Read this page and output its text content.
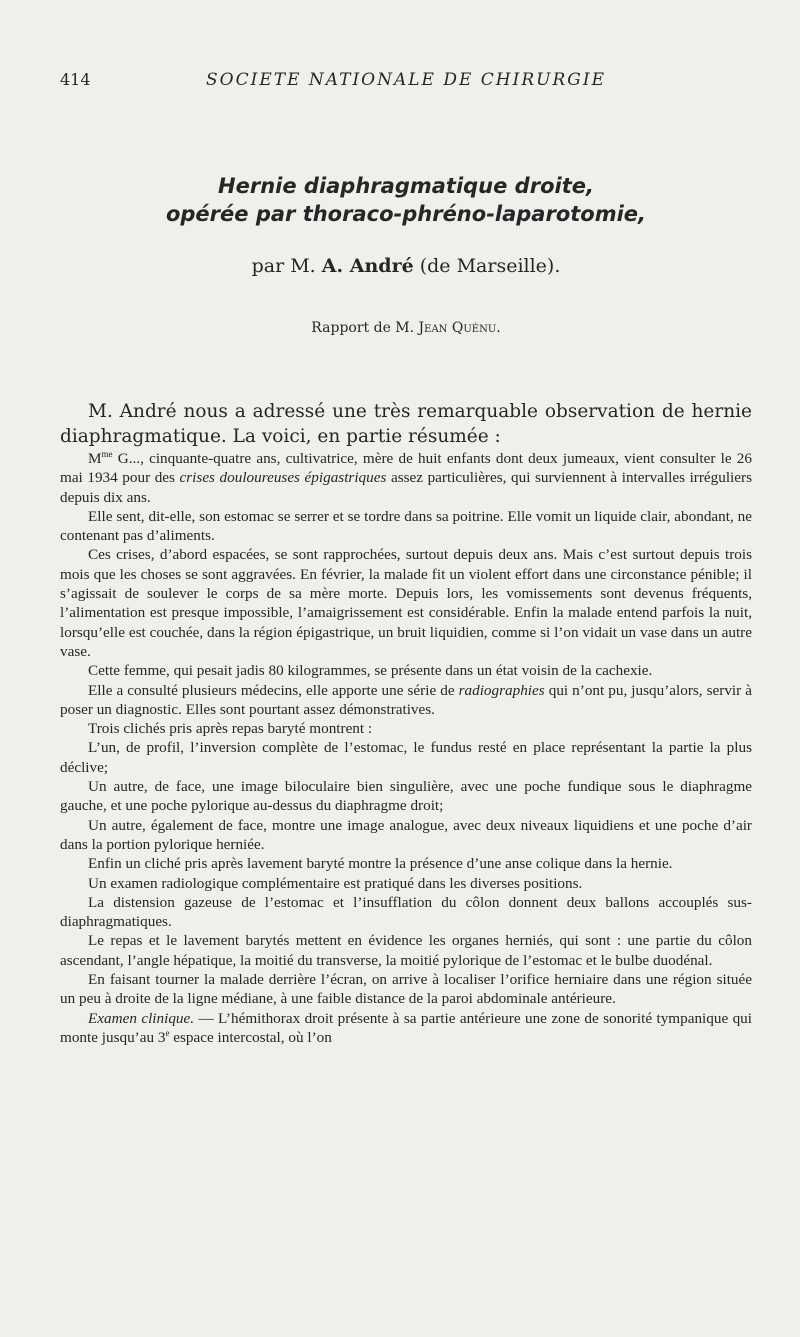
414	SOCIETE NATIONALE DE CHIRURGIE
Hernie diaphragmatique droite,
opérée par thoraco-phréno-laparotomie,
par M. A. André (de Marseille).
Rapport de M. Jean Quénu.

M. André nous a adressé une très remarquable observation de hernie diaphragmatique. La voici, en partie résumée :

$M^{me}$ G..., cinquante-quatre ans, cultivatrice, mère de huit enfants dont deux jumeaux, vient consulter le 26 mai 1934 pour des crises douloureuses épigastriques assez particulières, qui surviennent à intervalles irréguliers depuis dix ans.

Elle sent, dit-elle, son estomac se serrer et se tordre dans sa poitrine. Elle vomit un liquide clair, abondant, ne contenant pas d’aliments.

Ces crises, d’abord espacées, se sont rapprochées, surtout depuis deux ans. Mais c’est surtout depuis trois mois que les choses se sont aggravées. En février, la malade fit un violent effort dans une circonstance pénible; il s’agissait de soulever le corps de sa mère morte. Depuis lors, les vomissements sont devenus fréquents, l’alimentation est presque impossible, l’amaigrissement est considérable. Enfin la malade entend parfois la nuit, lorsqu’elle est couchée, dans la région épigastrique, un bruit liquidien, comme si l’on vidait un vase dans un autre vase.

Cette femme, qui pesait jadis 80 kilogrammes, se présente dans un état voisin de la cachexie.

Elle a consulté plusieurs médecins, elle apporte une série de radiographies qui n’ont pu, jusqu’alors, servir à poser un diagnostic. Elles sont pourtant assez démonstratives.

Trois clichés pris après repas baryté montrent :

L’un, de profil, l’inversion complète de l’estomac, le fundus resté en place représentant la partie la plus déclive;

Un autre, de face, une image biloculaire bien singulière, avec une poche fundique sous le diaphragme gauche, et une poche pylorique au-dessus du diaphragme droit;

Un autre, également de face, montre une image analogue, avec deux niveaux liquidiens et une poche d’air dans la portion pylorique herniée.

Enfin un cliché pris après lavement baryté montre la présence d’une anse colique dans la hernie.

Un examen radiologique complémentaire est pratiqué dans les diverses positions.

La distension gazeuse de l’estomac et l’insufflation du côlon donnent deux ballons accouplés sus-diaphragmatiques.

Le repas et le lavement barytés mettent en évidence les organes herniés, qui sont : une partie du côlon ascendant, l’angle hépatique, la moitié du transverse, la moitié pylorique de l’estomac et le bulbe duodénal.

En faisant tourner la malade derrière l’écran, on arrive à localiser l’orifice herniaire dans une région située un peu à droite de la ligne médiane, à une faible distance de la paroi abdominale antérieure.

Examen clinique. — L’hémithorax droit présente à sa partie antérieure une zone de sonorité tympanique qui monte jusqu’au 3e espace intercostal, où l’on
